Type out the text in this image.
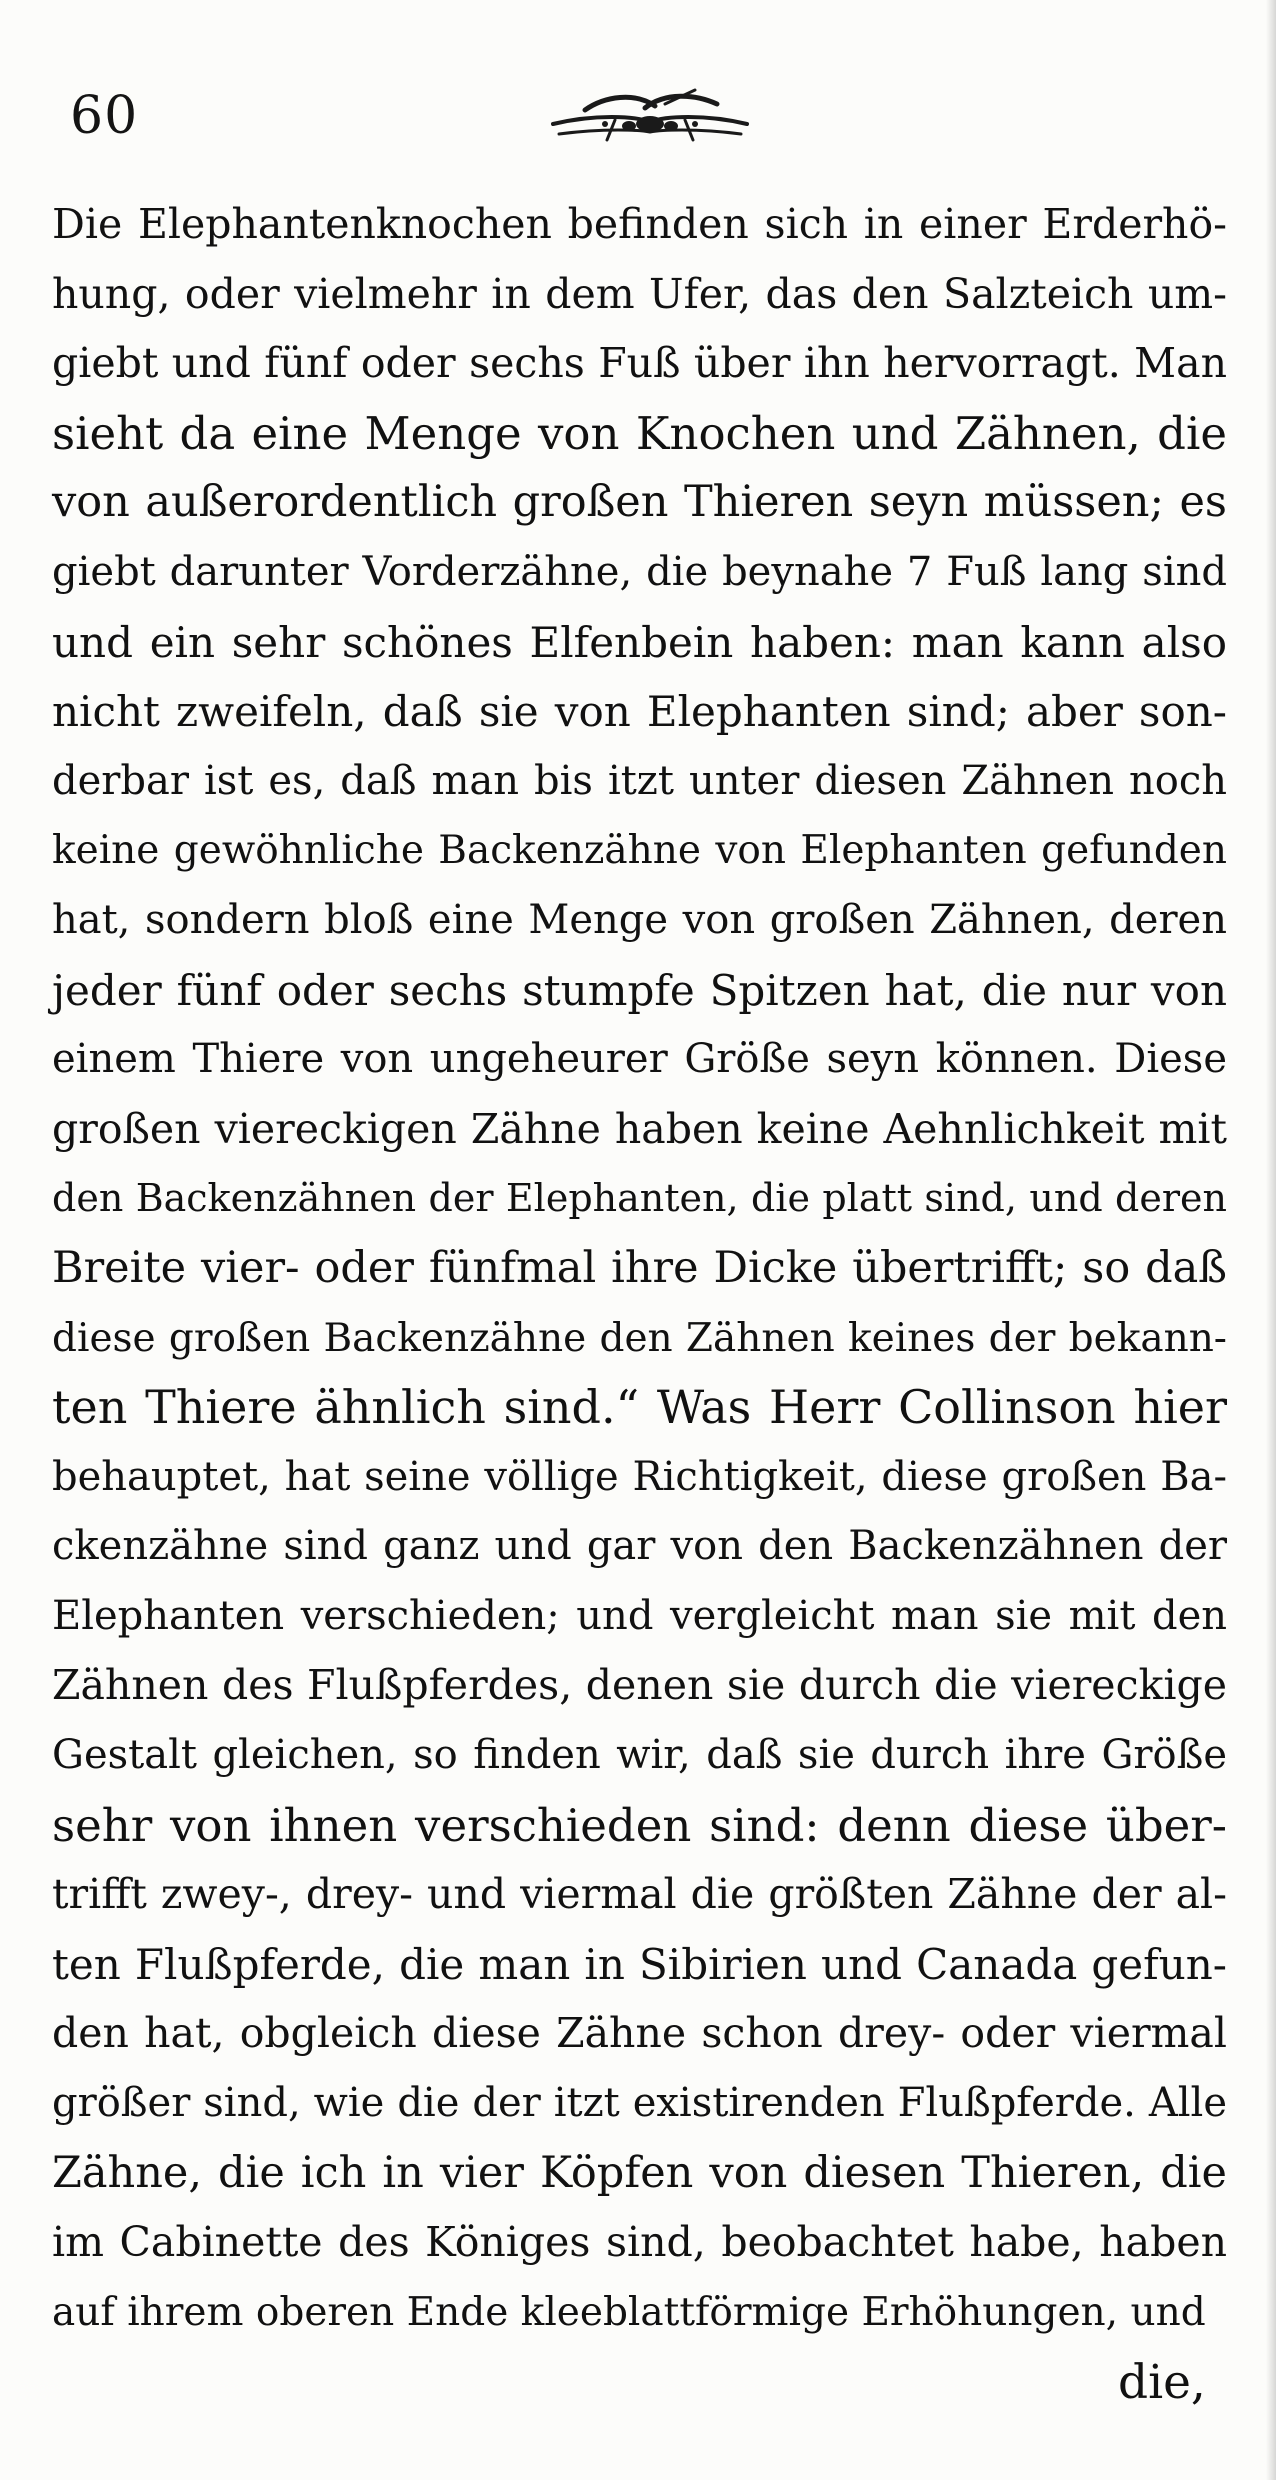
60
Die Elephantenknochen befinden sich in einer Erderhö-
hung, oder vielmehr in dem Ufer, das den Salzteich um-
giebt und fünf oder sechs Fuß über ihn hervorragt. Man
sieht da eine Menge von Knochen und Zähnen, die
von außerordentlich großen Thieren seyn müssen; es
giebt darunter Vorderzähne, die beynahe 7 Fuß lang sind
und ein sehr schönes Elfenbein haben: man kann also
nicht zweifeln, daß sie von Elephanten sind; aber son-
derbar ist es, daß man bis itzt unter diesen Zähnen noch
keine gewöhnliche Backenzähne von Elephanten gefunden
hat, sondern bloß eine Menge von großen Zähnen, deren
jeder fünf oder sechs stumpfe Spitzen hat, die nur von
einem Thiere von ungeheurer Größe seyn können. Diese
großen viereckigen Zähne haben keine Aehnlichkeit mit
den Backenzähnen der Elephanten, die platt sind, und deren
Breite vier- oder fünfmal ihre Dicke übertrifft; so daß
diese großen Backenzähne den Zähnen keines der bekann-
ten Thiere ähnlich sind.“ Was Herr Collinson hier
behauptet, hat seine völlige Richtigkeit, diese großen Ba-
ckenzähne sind ganz und gar von den Backenzähnen der
Elephanten verschieden; und vergleicht man sie mit den
Zähnen des Flußpferdes, denen sie durch die viereckige
Gestalt gleichen, so finden wir, daß sie durch ihre Größe
sehr von ihnen verschieden sind: denn diese über-
trifft zwey-, drey- und viermal die größten Zähne der al-
ten Flußpferde, die man in Sibirien und Canada gefun-
den hat, obgleich diese Zähne schon drey- oder viermal
größer sind, wie die der itzt existirenden Flußpferde. Alle
Zähne, die ich in vier Köpfen von diesen Thieren, die
im Cabinette des Königes sind, beobachtet habe, haben
auf ihrem oberen Ende kleeblattförmige Erhöhungen, und
die,
